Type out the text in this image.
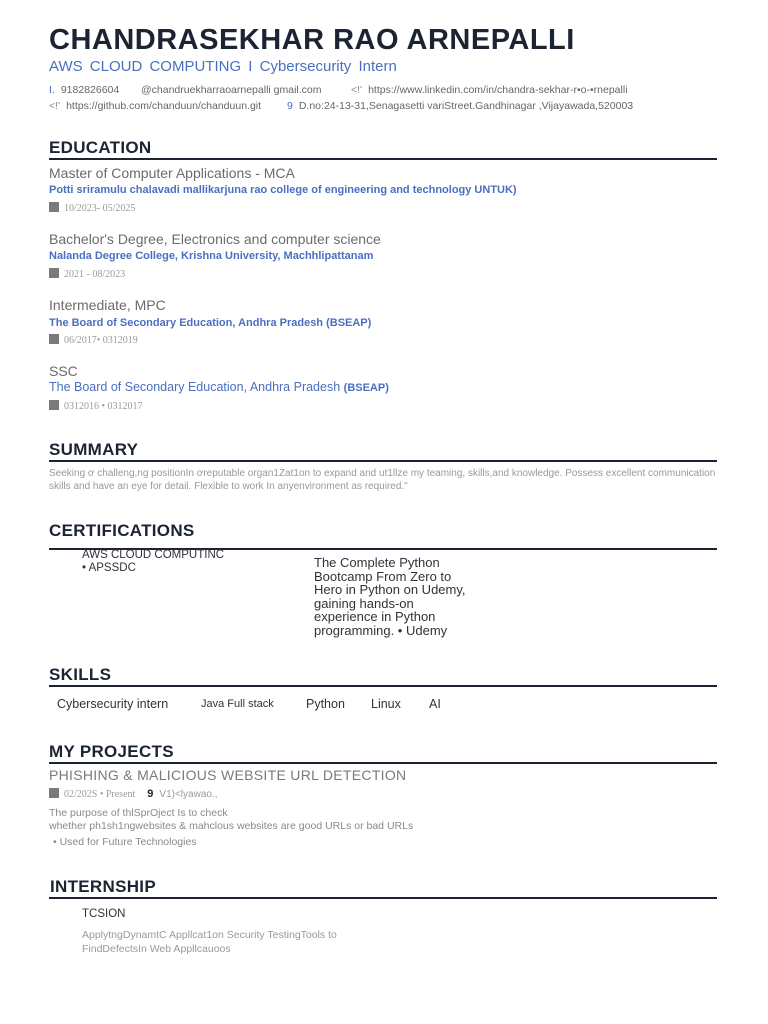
CHANDRASEKHAR RAO ARNEPALLI
AWS CLOUD COMPUTING I Cybersecurity Intern
I. 9182826604 @chandruekharraoarnepalli gmail.com	<!' https://www.linkedin.com/in/chandra-sekhar-r•o-•rnepalli
<!' https://github.com/chanduun/chanduun.git 9 D.no:24-13-31,Senagasetti variStreet.Gandhinagar ,Vijayawada,520003
EDUCATION
Master of Computer Applications - MCA
Potti sriramulu chalavadi mallikarjuna rao college of engineering and technology UNTUK)
10/2023- 05/2025
Bachelor's Degree, Electronics and computer science
Nalanda Degree College, Krishna University, Machhlipattanam
2021 - 08/2023
Intermediate, MPC
The Board of Secondary Education, Andhra Pradesh (BSEAP)
06/2017• 0312019
SSC
The Board of Secondary Education, Andhra Pradesh (BSEAP)
0312016 • 0312017
SUMMARY
Seeking ơ challeng,ng positionIn ơreputable organ1Zat1on to expand and ut1llze my teaming, skills,and knowledge. Possess excellent communication skills and have an eye for detail. Flexible to work In anyenvironment as required."
CERTIFICATIONS
AWS CLOUD COMPUTINC
• APSSDC	The Complete Python
Bootcamp From Zero to
Hero in Python on Udemy,
gaining hands-on
experience in Python
programming. • Udemy
SKILLS
Cybersecurity intern	Java Full stack	Python Linux AI
MY PROJECTS
PHISHING & MALICIOUS WEBSITE URL DETECTION
02/202S • Present 9 V1)<lyawao.,
The purpose of thlSprOject Is to check
whether ph1sh1ngwebsites & mahclous websites are good URLs or bad URLs
• Used for Future Technologies
INTERNSHIP
TCSION
ApplytngDynamtC Appllcat1on Security TestingTools to
FindDefectsIn Web Appllcauoos
